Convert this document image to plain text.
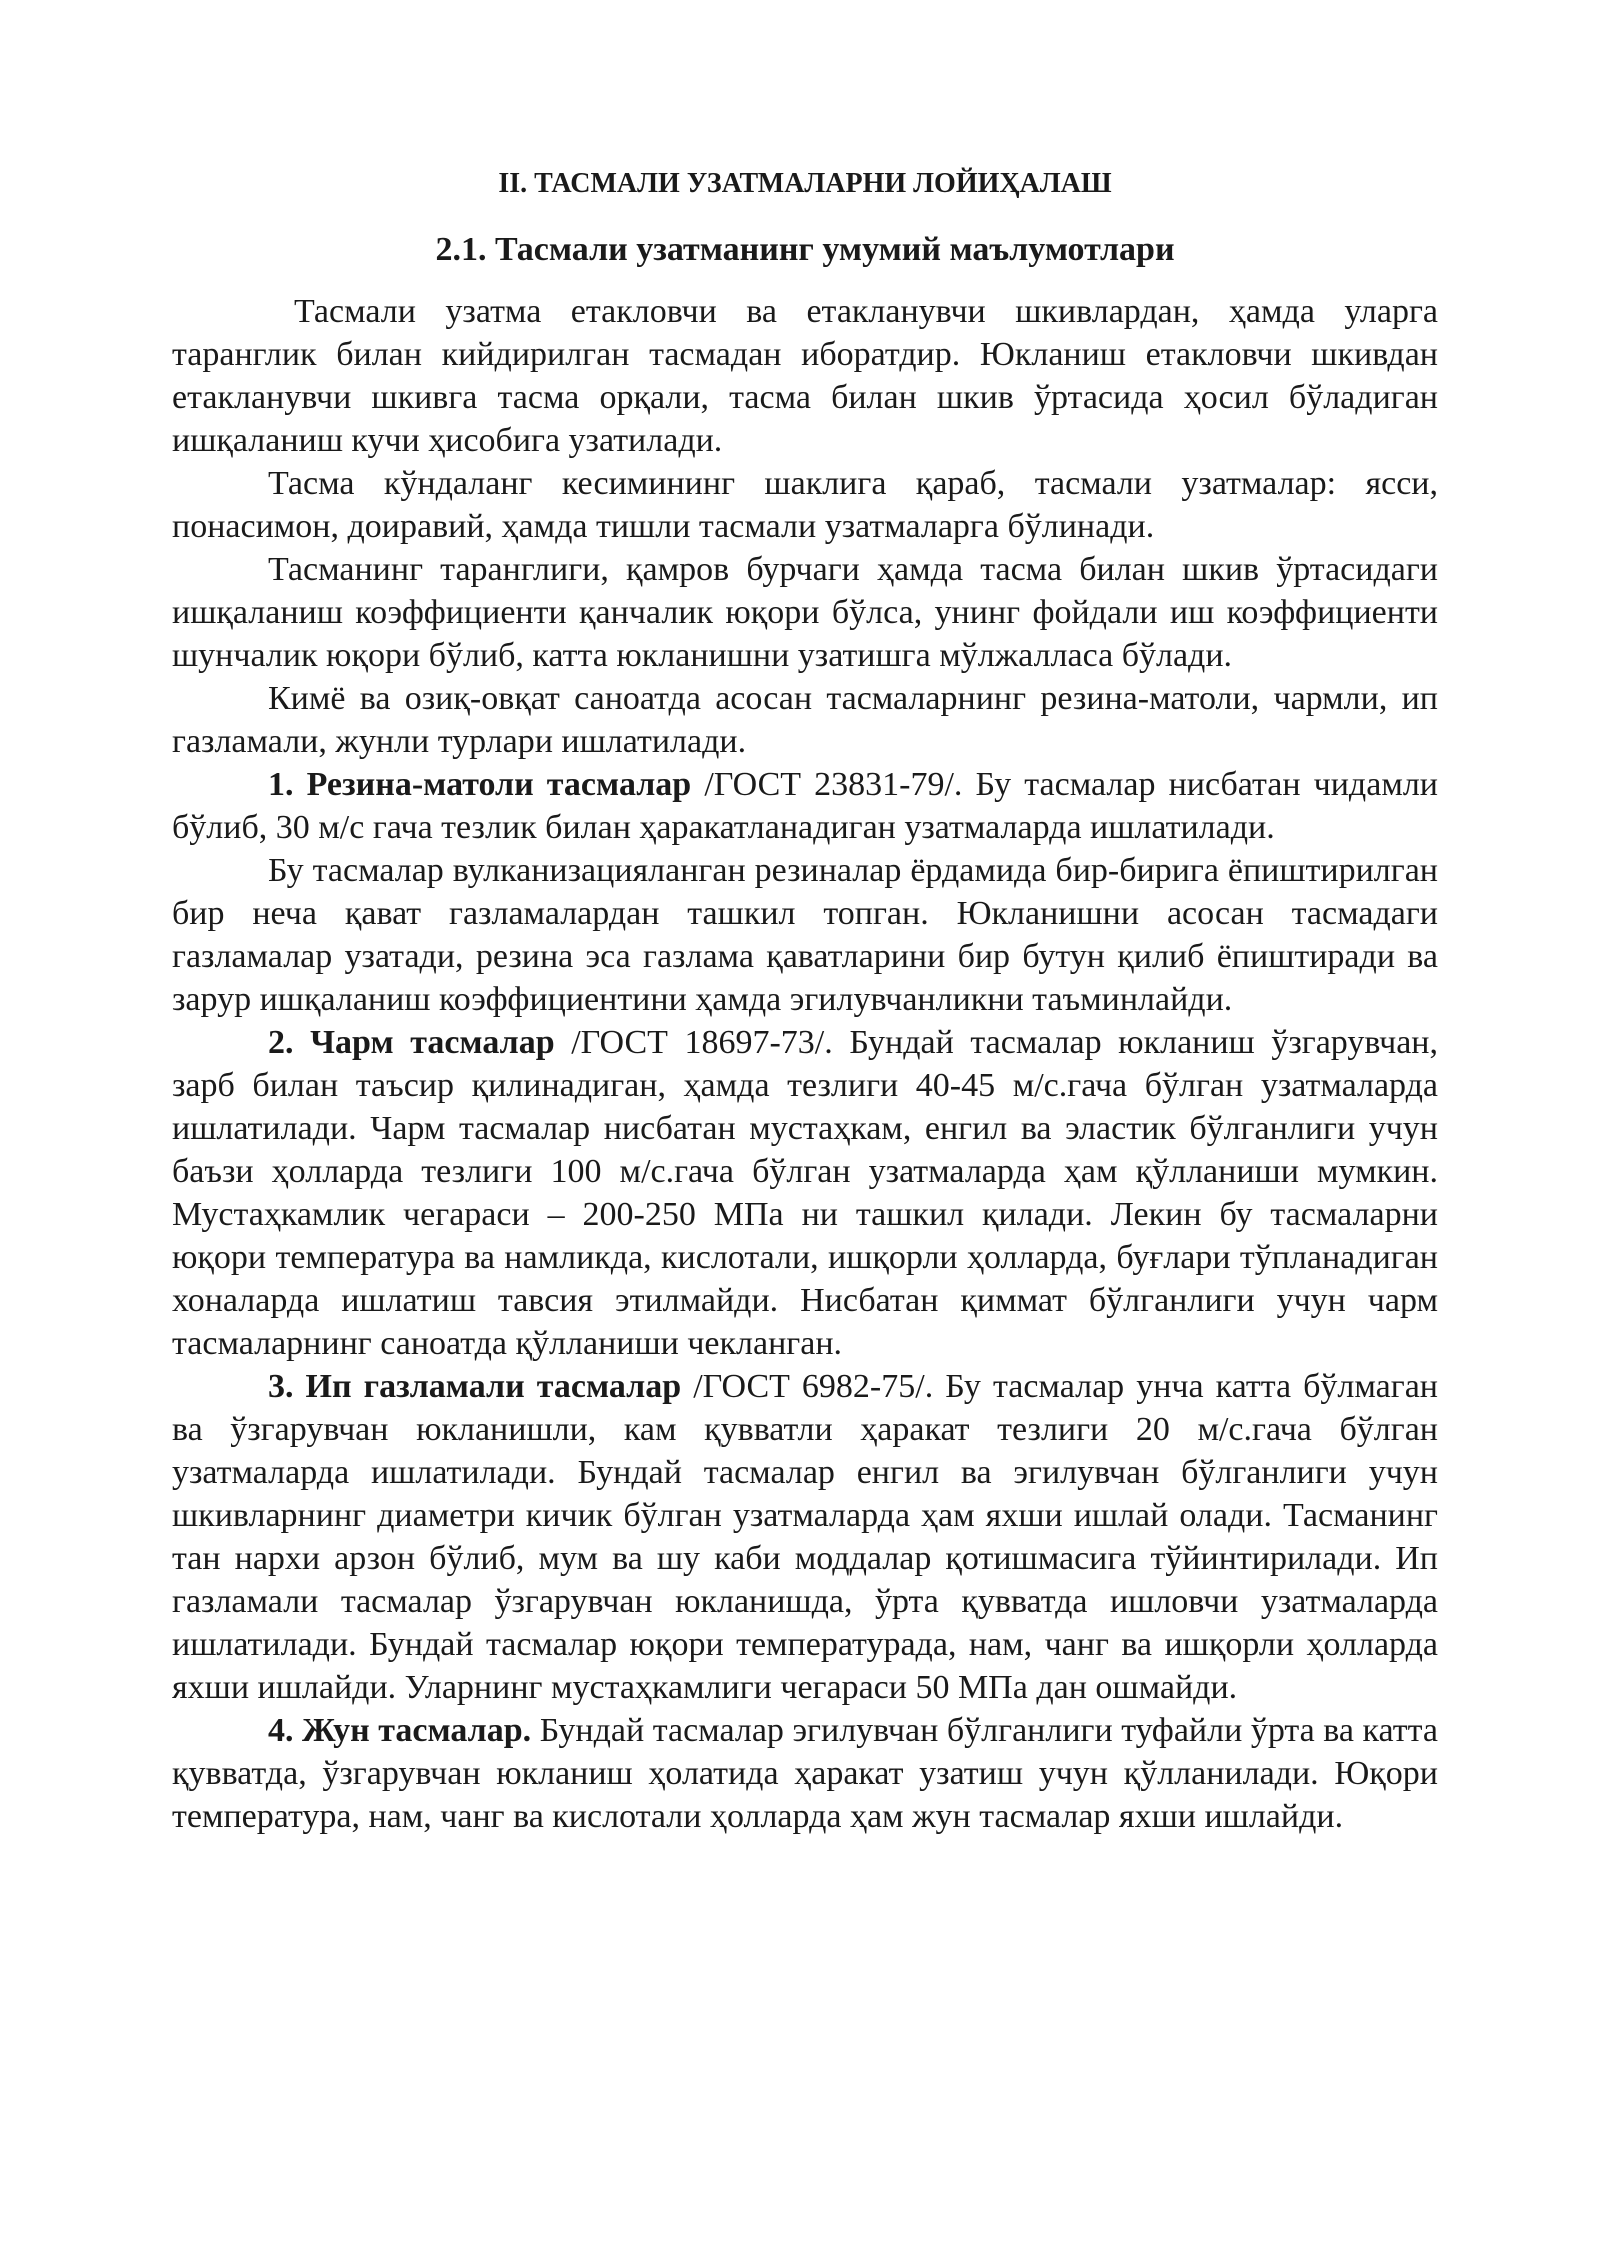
II. ТАСМАЛИ УЗАТМАЛАРНИ ЛОЙИҲАЛАШ
2.1. Тасмали узатманинг умумий маълумотлари

Тасмали узатма етакловчи ва етакланувчи шкивлардан, ҳамда уларга таранглик билан кийдирилган тасмадан иборатдир. Юкланиш етакловчи шкивдан етакланувчи шкивга тасма орқали, тасма билан шкив ўртасида ҳосил бўладиган ишқаланиш кучи ҳисобига узатилади.

Тасма кўндаланг кесимининг шаклига қараб, тасмали узатмалар: ясси, понасимон, доиравий, ҳамда тишли тасмали узатмаларга бўлинади.

Тасманинг таранглиги, қамров бурчаги ҳамда тасма билан шкив ўртасидаги ишқаланиш коэффициенти қанчалик юқори бўлса, унинг фойдали иш коэффициенти шунчалик юқори бўлиб, катта юкланишни узатишга мўлжалласа бўлади.

Кимё ва озиқ-овқат саноатда асосан тасмаларнинг резина-матоли, чармли, ип газламали, жунли турлари ишлатилади.

1. Резина-матоли тасмалар /ГОСТ 23831-79/. Бу тасмалар нисбатан чидамли бўлиб, 30 м/с гача тезлик билан ҳаракатланадиган узатмаларда ишлатилади.

Бу тасмалар вулканизацияланган резиналар ёрдамида бир-бирига ёпиштирилган бир неча қават газламалардан ташкил топган. Юкланишни асосан тасмадаги газламалар узатади, резина эса газлама қаватларини бир бутун қилиб ёпиштиради ва зарур ишқаланиш коэффициентини ҳамда эгилувчанликни таъминлайди.

2. Чарм тасмалар /ГОСТ 18697-73/. Бундай тасмалар юкланиш ўзгарувчан, зарб билан таъсир қилинадиган, ҳамда тезлиги 40-45 м/с.гача бўлган узатмаларда ишлатилади. Чарм тасмалар нисбатан мустаҳкам, енгил ва эластик бўлганлиги учун баъзи ҳолларда тезлиги 100 м/с.гача бўлган узатмаларда ҳам қўлланиши мумкин. Мустаҳкамлик чегараси – 200-250 МПа ни ташкил қилади. Лекин бу тасмаларни юқори температура ва намликда, кислотали, ишқорли ҳолларда, буғлари тўпланадиган хоналарда ишлатиш тавсия этилмайди. Нисбатан қиммат бўлганлиги учун чарм тасмаларнинг саноатда қўлланиши чекланган.

3. Ип газламали тасмалар /ГОСТ 6982-75/. Бу тасмалар унча катта бўлмаган ва ўзгарувчан юкланишли, кам қувватли ҳаракат тезлиги 20 м/с.гача бўлган узатмаларда ишлатилади. Бундай тасмалар енгил ва эгилувчан бўлганлиги учун шкивларнинг диаметри кичик бўлган узатмаларда ҳам яхши ишлай олади. Тасманинг тан нархи арзон бўлиб, мум ва шу каби моддалар қотишмасига тўйинтирилади. Ип газламали тасмалар ўзгарувчан юкланишда, ўрта қувватда ишловчи узатмаларда ишлатилади. Бундай тасмалар юқори температурада, нам, чанг ва ишқорли ҳолларда яхши ишлайди. Уларнинг мустаҳкамлиги чегараси 50 МПа дан ошмайди.

4. Жун тасмалар. Бундай тасмалар эгилувчан бўлганлиги туфайли ўрта ва катта қувватда, ўзгарувчан юкланиш ҳолатида ҳаракат узатиш учун қўлланилади. Юқори температура, нам, чанг ва кислотали ҳолларда ҳам жун тасмалар яхши ишлайди.
